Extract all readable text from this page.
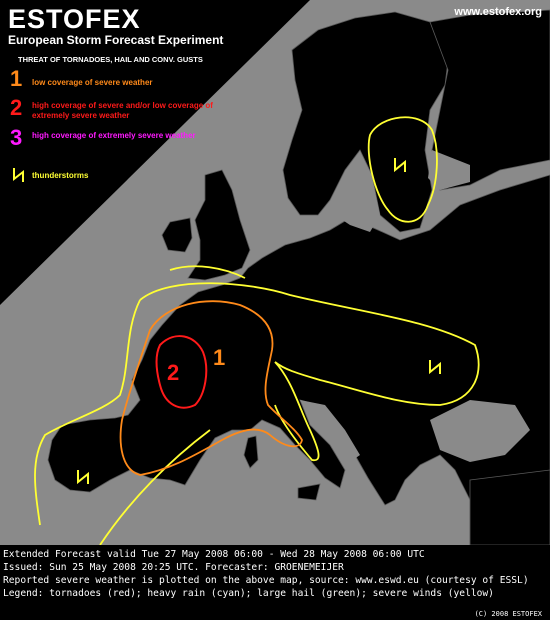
1
2
ESTOFEX
European Storm Forecast Experiment
www.estofex.org
THREAT OF TORNADOES, HAIL AND CONV. GUSTS
1 low coverage of severe weather
2 high coverage of severe and/or low coverage of extremely severe weather
3 high coverage of extremely severe weather
thunderstorms
Extended Forecast valid Tue 27 May 2008 06:00 - Wed 28 May 2008 06:00 UTC
Issued: Sun 25 May 2008 20:25 UTC. Forecaster: GROENEMEIJER
Reported severe weather is plotted on the above map, source: www.eswd.eu (courtesy of ESSL)
Legend: tornadoes (red); heavy rain (cyan); large hail (green); severe winds (yellow)
(C) 2008 ESTOFEX
